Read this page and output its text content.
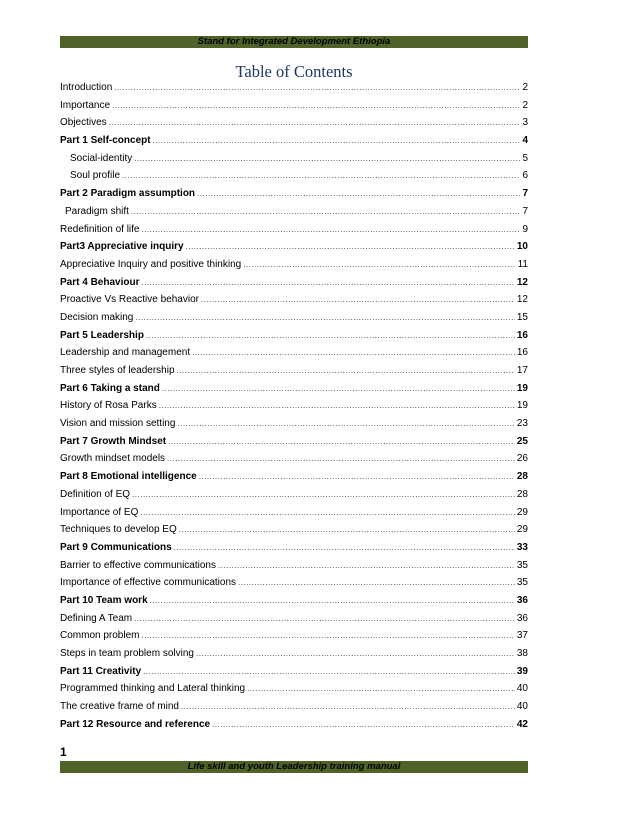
Stand for Integrated Development Ethiopia
Table of Contents
Introduction .....	2
Importance .....	2
Objectives .....	3
Part 1 Self-concept .....	4
Social-identity .....	5
Soul profile .....	6
Part 2 Paradigm assumption .....	7
Paradigm shift .....	7
Redefinition of life .....	9
Part3 Appreciative inquiry .....	10
Appreciative Inquiry and positive thinking .....	11
Part 4 Behaviour .....	12
Proactive Vs Reactive behavior .....	12
Decision making .....	15
Part 5 Leadership .....	16
Leadership and management .....	16
Three styles of leadership .....	17
Part 6 Taking a stand .....	19
History of Rosa Parks .....	19
Vision and mission setting .....	23
Part 7 Growth Mindset .....	25
Growth mindset models .....	26
Part 8 Emotional intelligence .....	28
Definition of EQ .....	28
Importance of EQ .....	29
Techniques to develop EQ .....	29
Part 9 Communications .....	33
Barrier to effective communications .....	35
Importance of effective communications .....	35
Part 10 Team work .....	36
Defining A Team .....	36
Common problem .....	37
Steps in team problem solving .....	38
Part 11 Creativity .....	39
Programmed thinking and Lateral thinking .....	40
The creative frame of mind .....	40
Part 12 Resource and reference .....	42
1
Life skill and youth Leadership training manual
